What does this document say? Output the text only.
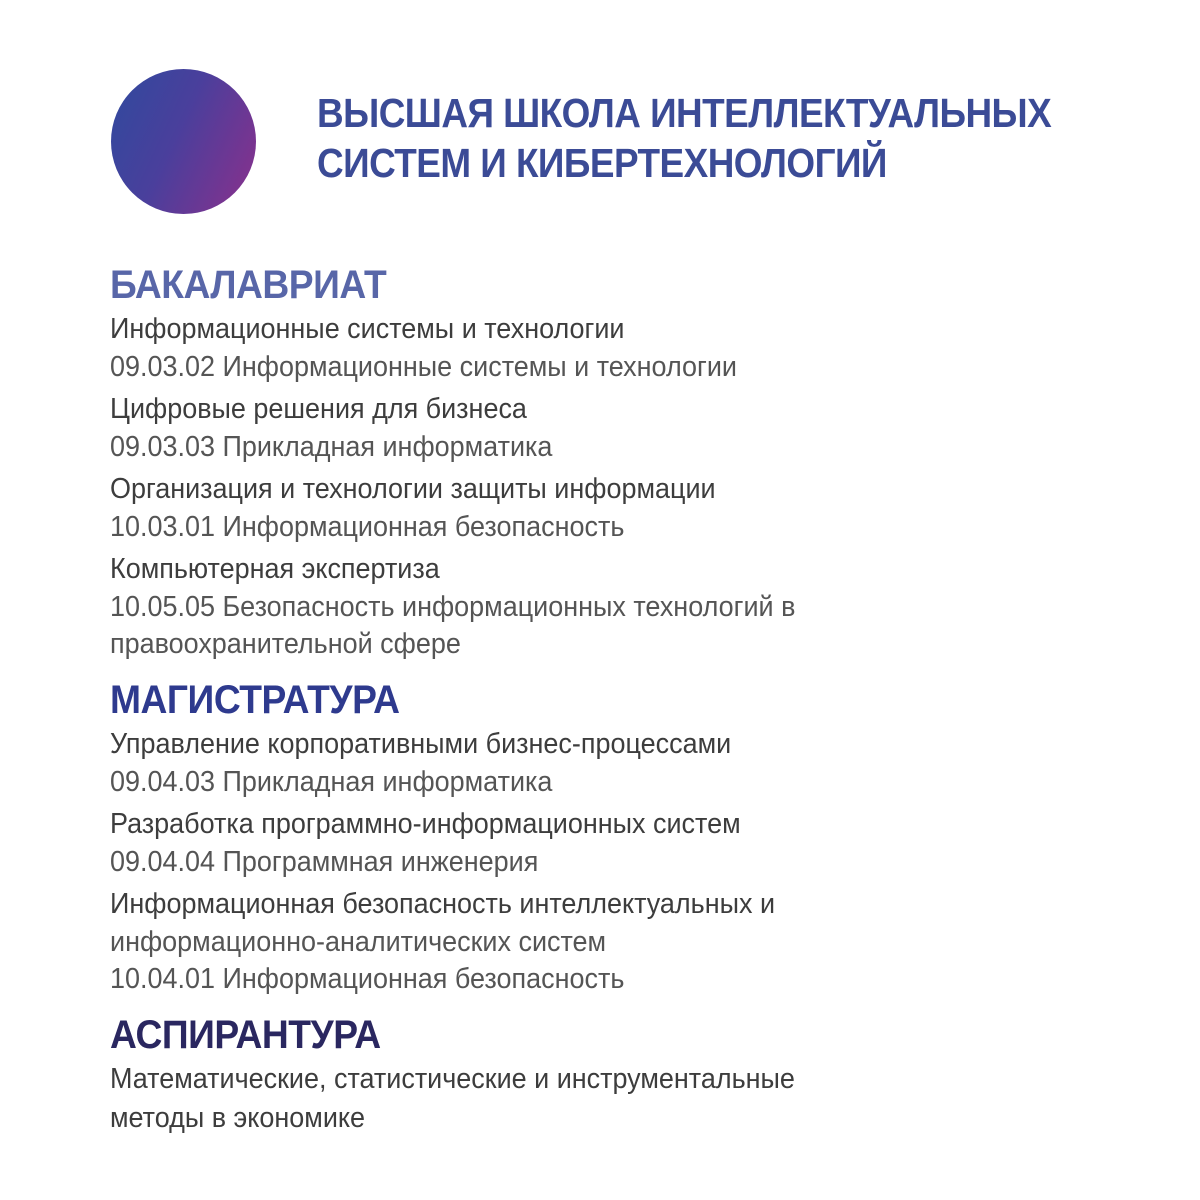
ВЫСШАЯ ШКОЛА ИНТЕЛЛЕКТУАЛЬНЫХ
СИСТЕМ И КИБЕРТЕХНОЛОГИЙ
БАКАЛАВРИАТ

Информационные системы и технологии

09.03.02 Информационные системы и технологии

Цифровые решения для бизнеса

09.03.03 Прикладная информатика

Организация и технологии защиты информации

10.03.01 Информационная безопасность

Компьютерная экспертиза

10.05.05 Безопасность информационных технологий в

правоохранительной сфере

МАГИСТРАТУРА

Управление корпоративными бизнес-процессами

09.04.03 Прикладная информатика

Разработка программно-информационных систем

09.04.04 Программная инженерия

Информационная безопасность интеллектуальных и

информационно-аналитических систем

10.04.01 Информационная безопасность

АСПИРАНТУРА

Математические, статистические и инструментальные

методы в экономике
